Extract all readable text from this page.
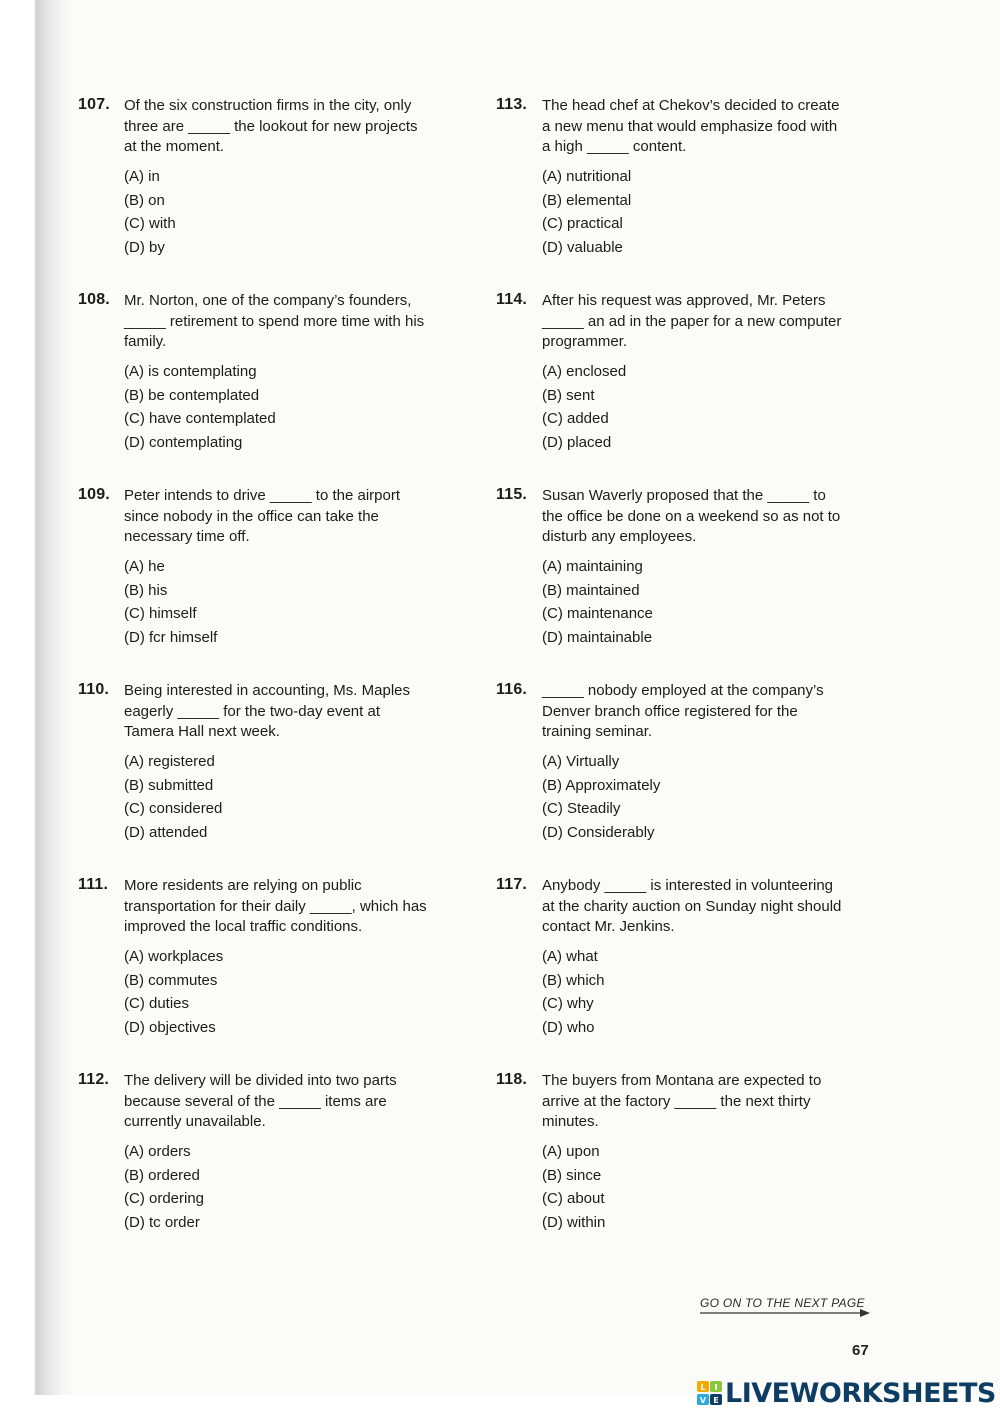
107. Of the six construction firms in the city, only
three are _____ the lookout for new projects
at the moment.
(A) in
(B) on
(C) with
(D) by
108. Mr. Norton, one of the company’s founders,
_____ retirement to spend more time with his
family.
(A) is contemplating
(B) be contemplated
(C) have contemplated
(D) contemplating
109. Peter intends to drive _____ to the airport
since nobody in the office can take the
necessary time off.
(A) he
(B) his
(C) himself
(D) fcr himself
110. Being interested in accounting, Ms. Maples
eagerly _____ for the two-day event at
Tamera Hall next week.
(A) registered
(B) submitted
(C) considered
(D) attended
111. More residents are relying on public
transportation for their daily _____, which has
improved the local traffic conditions.
(A) workplaces
(B) commutes
(C) duties
(D) objectives
112. The delivery will be divided into two parts
because several of the _____ items are
currently unavailable.
(A) orders
(B) ordered
(C) ordering
(D) tc order
113. The head chef at Chekov’s decided to create
a new menu that would emphasize food with
a high _____ content.
(A) nutritional
(B) elemental
(C) practical
(D) valuable
114. After his request was approved, Mr. Peters
_____ an ad in the paper for a new computer
programmer.
(A) enclosed
(B) sent
(C) added
(D) placed
115. Susan Waverly proposed that the _____ to
the office be done on a weekend so as not to
disturb any employees.
(A) maintaining
(B) maintained
(C) maintenance
(D) maintainable
116. _____ nobody employed at the company’s
Denver branch office registered for the
training seminar.
(A) Virtually
(B) Approximately
(C) Steadily
(D) Considerably
117. Anybody _____ is interested in volunteering
at the charity auction on Sunday night should
contact Mr. Jenkins.
(A) what
(B) which
(C) why
(D) who
118. The buyers from Montana are expected to
arrive at the factory _____ the next thirty
minutes.
(A) upon
(B) since
(C) about
(D) within
GO ON TO THE NEXT PAGE
67
L I
V E LIVEWORKSHEETS
